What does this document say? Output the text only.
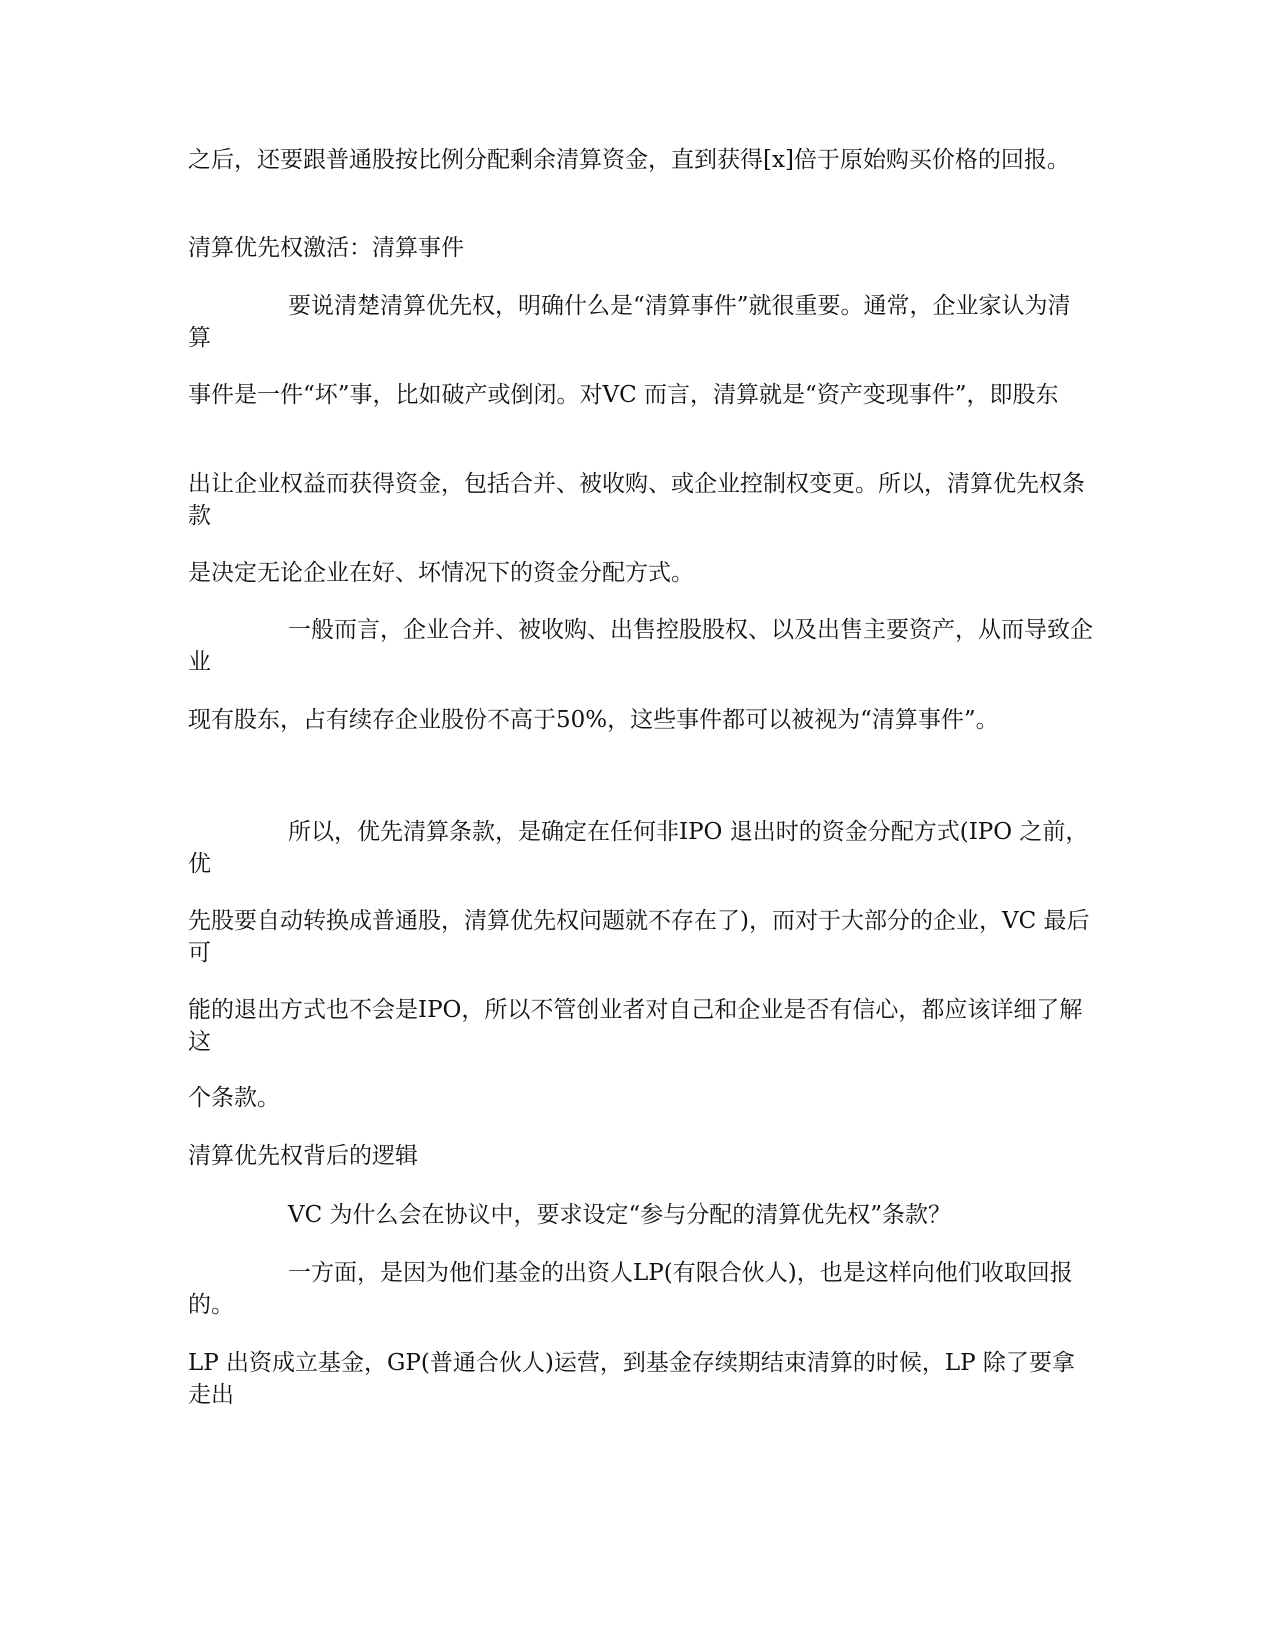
之后，还要跟普通股按比例分配剩余清算资金，直到获得[x]倍于原始购买价格的回报。

清算优先权激活：清算事件

要说清楚清算优先权，明确什么是“清算事件”就很重要。通常，企业家认为清算

事件是一件“坏”事，比如破产或倒闭。对VC 而言，清算就是“资产变现事件”，即股东

出让企业权益而获得资金，包括合并、被收购、或企业控制权变更。所以，清算优先权条款

是决定无论企业在好、坏情况下的资金分配方式。

一般而言，企业合并、被收购、出售控股股权、以及出售主要资产，从而导致企业

现有股东，占有续存企业股份不高于50%，这些事件都可以被视为“清算事件”。

所以，优先清算条款，是确定在任何非IPO 退出时的资金分配方式(IPO 之前，优

先股要自动转换成普通股，清算优先权问题就不存在了)，而对于大部分的企业，VC 最后可

能的退出方式也不会是IPO，所以不管创业者对自己和企业是否有信心，都应该详细了解这

个条款。

清算优先权背后的逻辑

VC 为什么会在协议中，要求设定“参与分配的清算优先权”条款？

一方面，是因为他们基金的出资人LP(有限合伙人)，也是这样向他们收取回报的。

LP 出资成立基金，GP(普通合伙人)运营，到基金存续期结束清算的时候，LP 除了要拿走出
